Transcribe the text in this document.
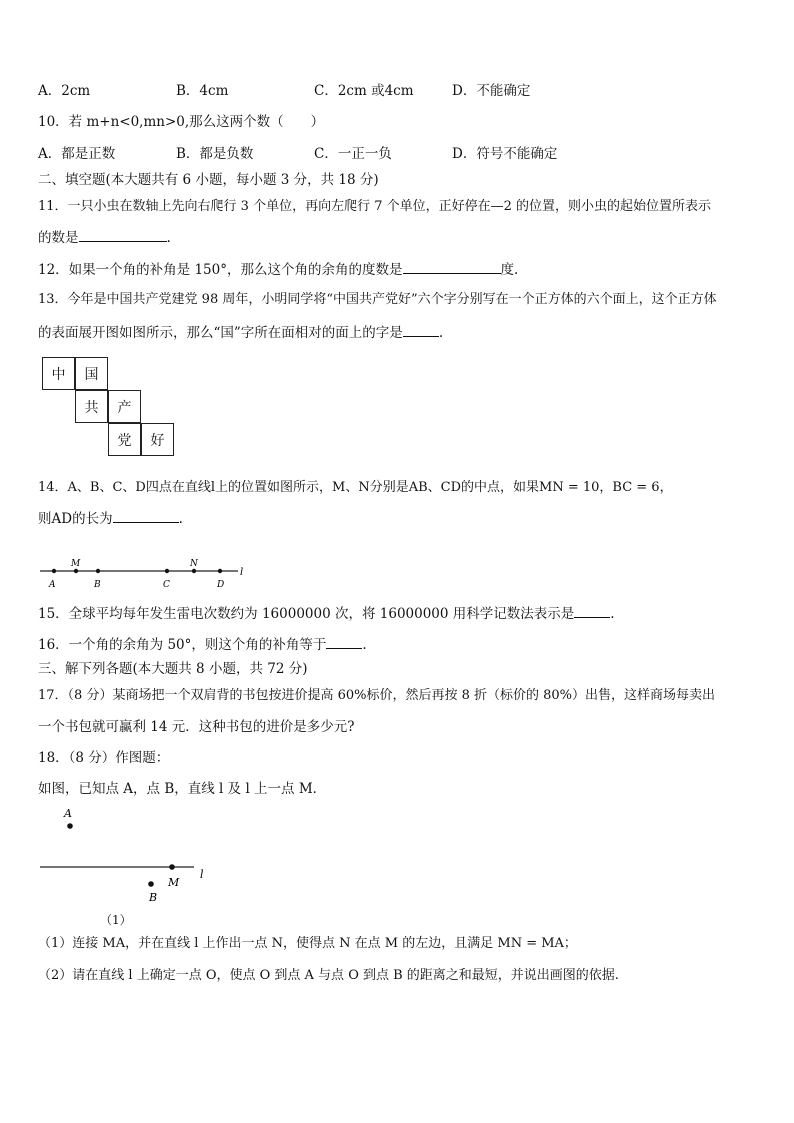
A．2cm	B．4cm	C．2cm 或4cm	D．不能确定
10．若 m+n<0,mn>0,那么这两个数（　　）
A．都是正数	B．都是负数	C．一正一负	D．符号不能确定
二、填空题(本大题共有 6 小题，每小题 3 分，共 18 分)
11．一只小虫在数轴上先向右爬行 3 个单位，再向左爬行 7 个单位，正好停在—2 的位置，则小虫的起始位置所表示
的数是	.
12．如果一个角的补角是 150°，那么这个角的余角的度数是	度.
13．今年是中国共产党建党 98 周年，小明同学将“中国共产党好”六个字分别写在一个正方体的六个面上，这个正方体
的表面展开图如图所示，那么“国”字所在面相对的面上的字是	.
中	国
共	产
党	好
14．A、B、C、D四点在直线l上的位置如图所示，M、N分别是AB、CD的中点，如果MN = 10，BC = 6，
则AD的长为	.
A
M
B	C
N
D
l
15．全球平均每年发生雷电次数约为 16000000 次，将 16000000 用科学记数法表示是	.
16．一个角的余角为 50°，则这个角的补角等于	.
三、解下列各题(本大题共 8 小题，共 72 分)
17．（8 分）某商场把一个双肩背的书包按进价提高 60%标价，然后再按 8 折（标价的 80%）出售，这样商场每卖出
一个书包就可赢利 14 元．这种书包的进价是多少元?
18．（8 分）作图题：
如图，已知点 A，点 B，直线 l 及 l 上一点 M．
A
M
l
B
（1）
（1）连接 MA，并在直线 l 上作出一点 N，使得点 N 在点 M 的左边，且满足 MN = MA；
（2）请在直线 l 上确定一点 O，使点 O 到点 A 与点 O 到点 B 的距离之和最短，并说出画图的依据.
